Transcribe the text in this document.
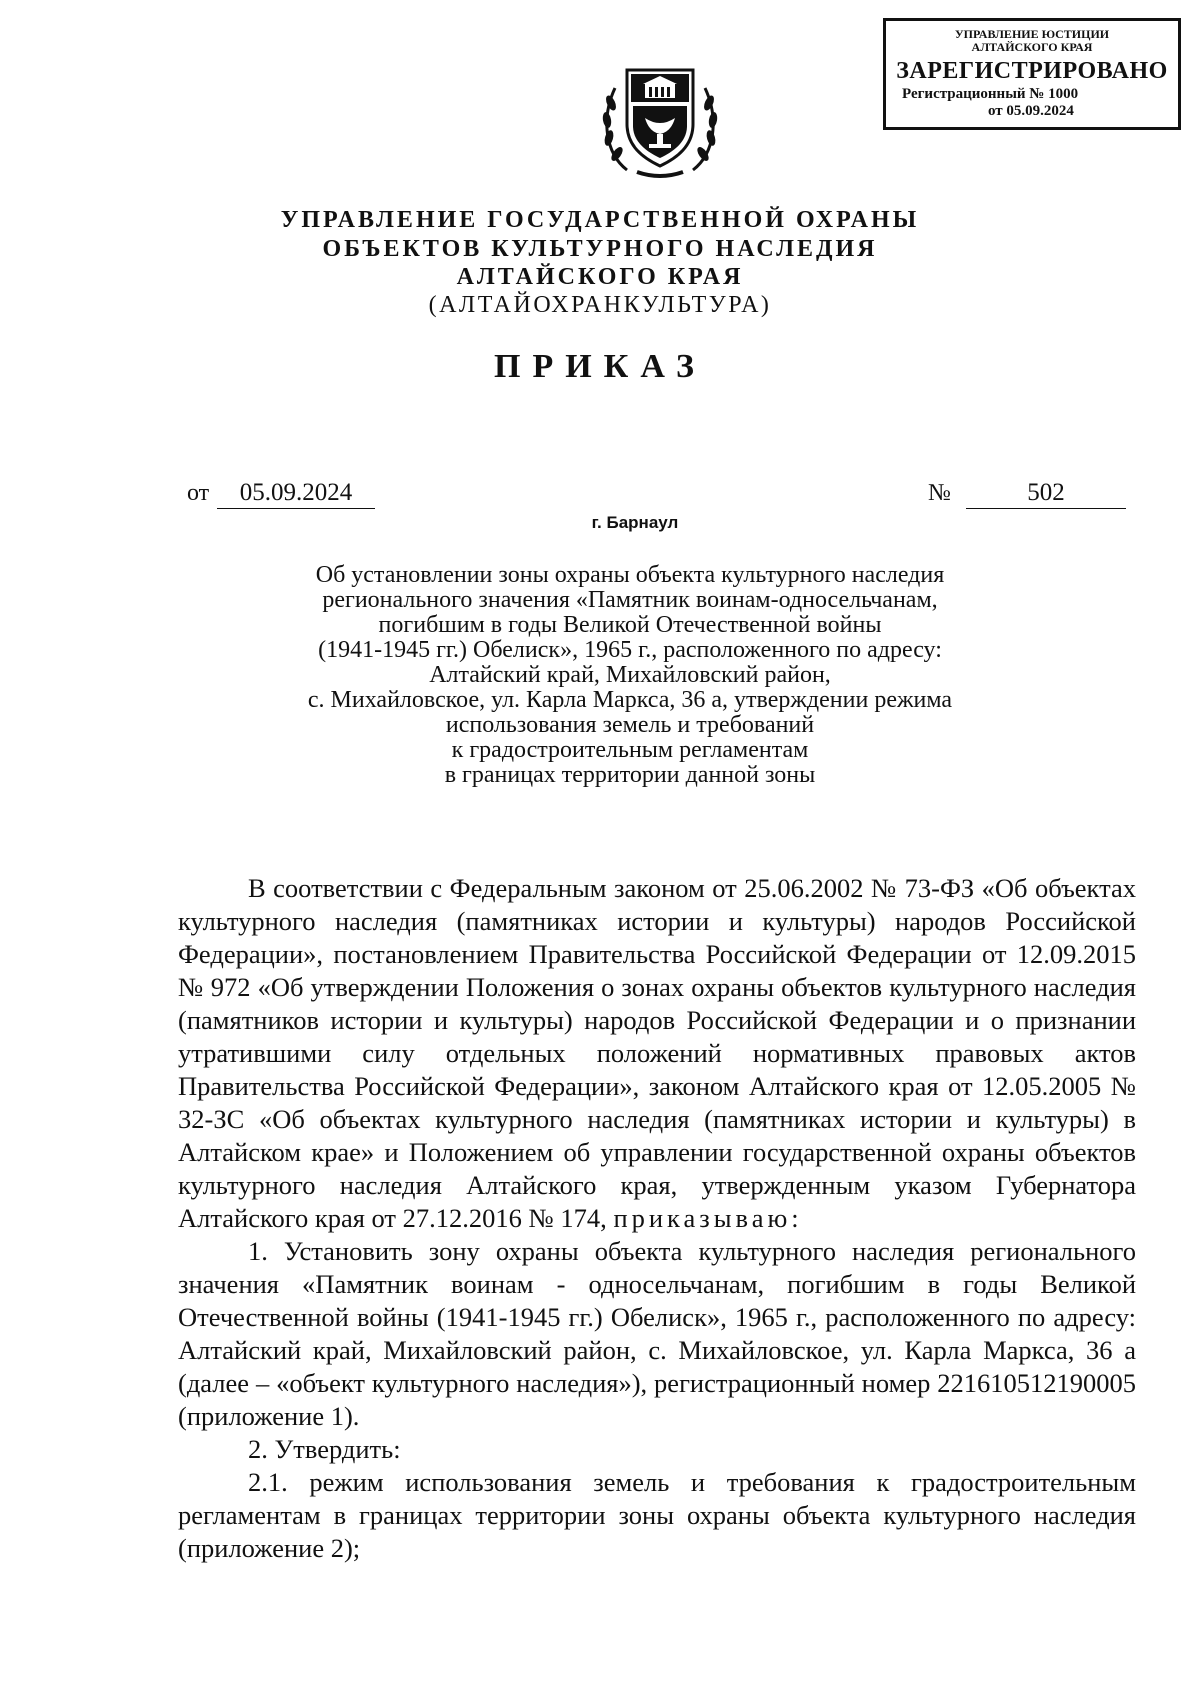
УПРАВЛЕНИЕ ЮСТИЦИИ
АЛТАЙСКОГО КРАЯ
ЗАРЕГИСТРИРОВАНО
Регистрационный № 1000
от 05.09.2024
УПРАВЛЕНИЕ ГОСУДАРСТВЕННОЙ ОХРАНЫ
ОБЪЕКТОВ КУЛЬТУРНОГО НАСЛЕДИЯ
АЛТАЙСКОГО КРАЯ
(АЛТАЙОХРАНКУЛЬТУРА)
ПРИКАЗ
от	05.09.2024	№	502
г. Барнаул
Об установлении зоны охраны объекта культурного наследия
регионального значения «Памятник воинам-односельчанам,
погибшим в годы Великой Отечественной войны
(1941-1945 гг.) Обелиск», 1965 г., расположенного по адресу:
Алтайский край, Михайловский район,
с. Михайловское, ул. Карла Маркса, 36 а, утверждении режима
использования земель и требований
к градостроительным регламентам
в границах территории данной зоны

В соответствии с Федеральным законом от 25.06.2002 № 73-ФЗ «Об объектах культурного наследия (памятниках истории и культуры) народов Российской Федерации», постановлением Правительства Российской Федерации от 12.09.2015 № 972 «Об утверждении Положения о зонах охраны объектов культурного наследия (памятников истории и культуры) народов Российской Федерации и о признании утратившими силу отдельных положений нормативных правовых актов Правительства Российской Федерации», законом Алтайского края от 12.05.2005 № 32-ЗС «Об объектах культурного наследия (памятниках истории и культуры) в Алтайском крае» и Положением об управлении государственной охраны объектов культурного наследия Алтайского края, утвержденным указом Губернатора Алтайского края от 27.12.2016 № 174, приказываю:

1. Установить зону охраны объекта культурного наследия регионального значения «Памятник воинам - односельчанам, погибшим в годы Великой Отечественной войны (1941-1945 гг.) Обелиск», 1965 г., расположенного по адресу: Алтайский край, Михайловский район, с. Михайловское, ул. Карла Маркса, 36 а (далее – «объект культурного наследия»), регистрационный номер 221610512190005 (приложение 1).

2. Утвердить:

2.1. режим использования земель и требования к градостроительным регламентам в границах территории зоны охраны объекта культурного наследия (приложение 2);
